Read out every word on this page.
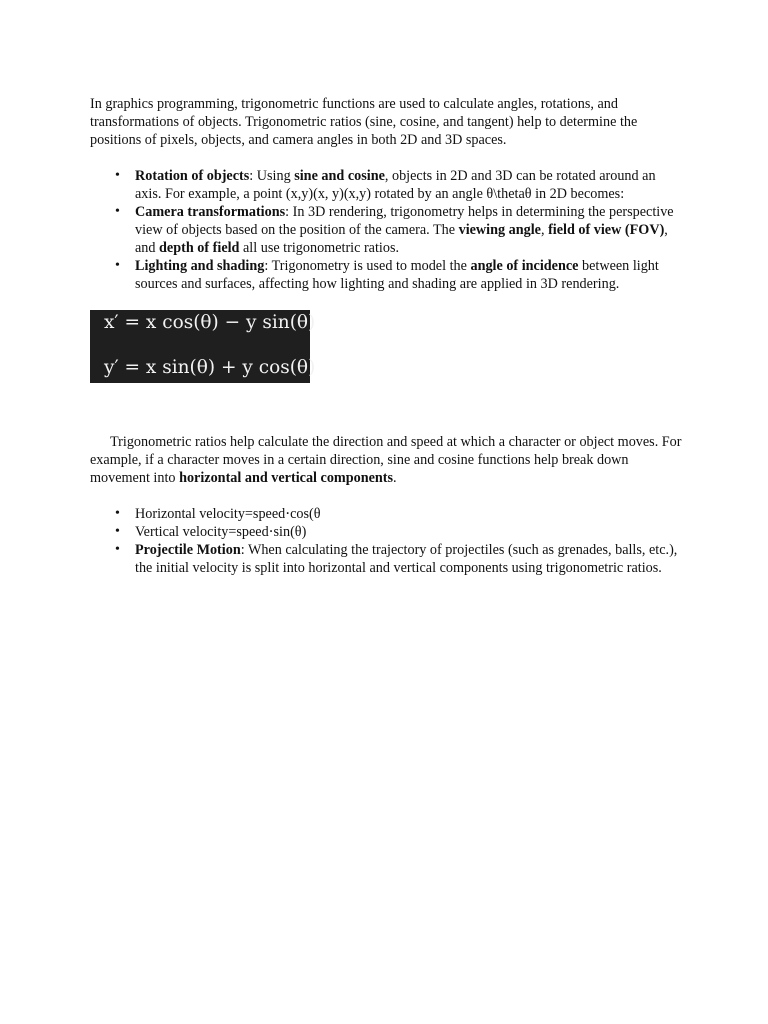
In graphics programming, trigonometric functions are used to calculate angles, rotations, and transformations of objects. Trigonometric ratios (sine, cosine, and tangent) help to determine the positions of pixels, objects, and camera angles in both 2D and 3D spaces.

• Rotation of objects: Using sine and cosine, objects in 2D and 3D can be rotated around an axis. For example, a point (x,y)(x, y)(x,y) rotated by an angle θ\thetaθ in 2D becomes:
• Camera transformations: In 3D rendering, trigonometry helps in determining the perspective view of objects based on the position of the camera. The viewing angle, field of view (FOV), and depth of field all use trigonometric ratios.
• Lighting and shading: Trigonometry is used to model the angle of incidence between light sources and surfaces, affecting how lighting and shading are applied in 3D rendering.
x′ = x cos(θ) − y sin(θ)
y′ = x sin(θ) + y cos(θ)

Trigonometric ratios help calculate the direction and speed at which a character or object moves. For example, if a character moves in a certain direction, sine and cosine functions help break down movement into horizontal and vertical components.

• Horizontal velocity=speed⋅cos(θ
• Vertical velocity=speed⋅sin(θ)
• Projectile Motion: When calculating the trajectory of projectiles (such as grenades, balls, etc.), the initial velocity is split into horizontal and vertical components using trigonometric ratios.
